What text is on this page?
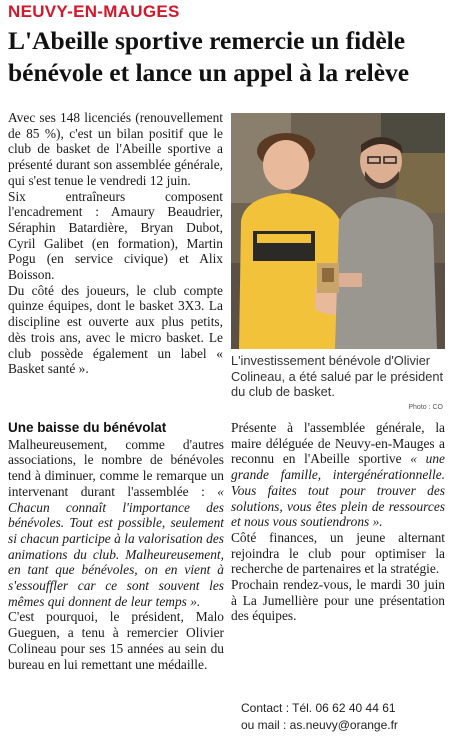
NEUVY-EN-MAUGES
L'Abeille sportive remercie un fidèle bénévole et lance un appel à la relève

Avec ses 148 licenciés (renouvellement de 85 %), c'est un bilan positif que le club de basket de l'Abeille sportive a présenté durant son assemblée générale, qui s'est tenue le vendredi 12 juin.

Six entraîneurs composent l'encadrement : Amaury Beaudrier, Séraphin Batardière, Bryan Dubot, Cyril Galibet (en formation), Martin Pogu (en service civique) et Alix Boisson.

Du côté des joueurs, le club compte quinze équipes, dont le basket 3X3. La discipline est ouverte aux plus petits, dès trois ans, avec le micro basket. Le club possède également un label « Basket santé ».

L'investissement bénévole d'Olivier Colineau, a été salué par le président du club de basket.
Photo : CO
Une baisse du bénévolat

Malheureusement, comme d'autres associations, le nombre de bénévoles tend à diminuer, comme le remarque un intervenant durant l'assemblée : « Chacun connaît l'importance des bénévoles. Tout est possible, seulement si chacun participe à la valorisation des animations du club. Malheureusement, en tant que bénévoles, on en vient à s'essouffler car ce sont souvent les mêmes qui donnent de leur temps ».

C'est pourquoi, le président, Malo Gueguen, a tenu à remercier Olivier Colineau pour ses 15 années au sein du bureau en lui remettant une médaille.

Présente à l'assemblée générale, la maire déléguée de Neuvy-en-Mauges a reconnu en l'Abeille sportive « une grande famille, intergénérationnelle. Vous faites tout pour trouver des solutions, vous êtes plein de ressources et nous vous soutiendrons ».

Côté finances, un jeune alternant rejoindra le club pour optimiser la recherche de partenaires et la stratégie.

Prochain rendez-vous, le mardi 30 juin à La Jumellière pour une présentation des équipes.

Contact : Tél. 06 62 40 44 61
ou mail : as.neuvy@orange.fr
